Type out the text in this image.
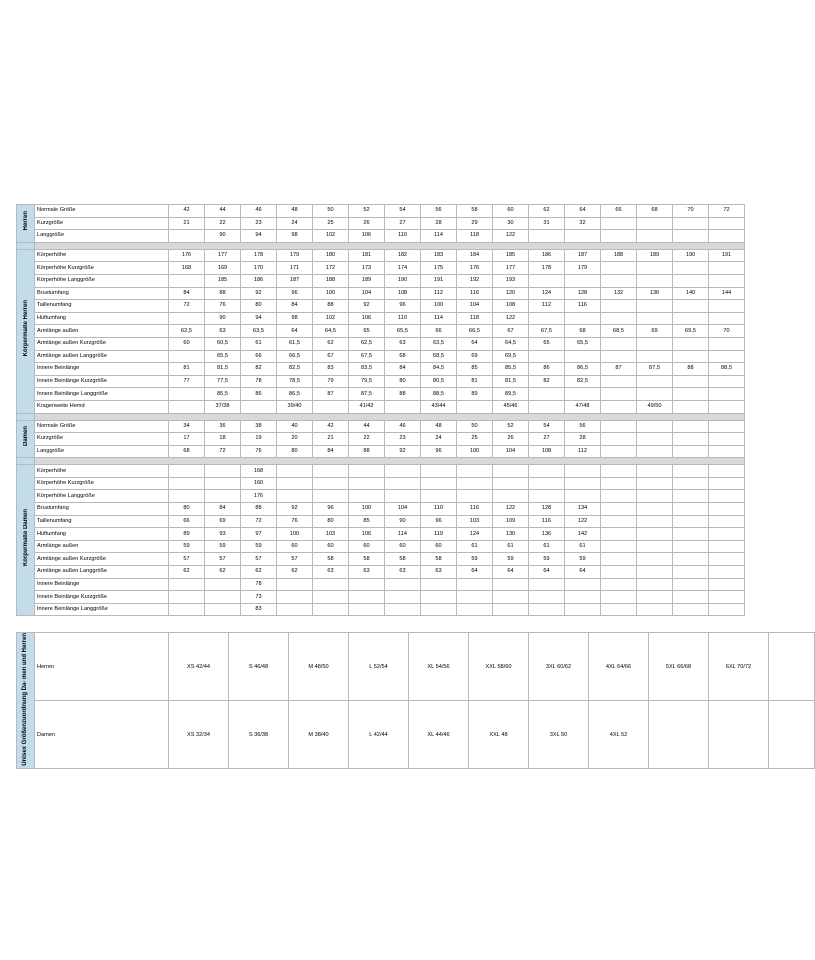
Herren	Normale Größe	42	44	46	48	50	52	54	56	58	60	62	64	66	68	70	72
	Kurzgröße	21	22	23	24	25	26	27	28	29	30	31	32				
	Langgröße		90	94	98	102	106	110	114	118	122						

Körpermaße Herren	Körperhöhe	176	177	178	179	180	181	182	183	184	185	186	187	188	189	190	191
	Körperhöhe Kurzgröße	168	169	170	171	172	173	174	175	176	177	178	179				
	Körperhöhe Langgröße		185	186	187	188	189	190	191	192	193						
	Brustumfang	84	88	92	96	100	104	108	112	116	120	124	128	132	136	140	144
	Taillenumfang	72	76	80	84	88	92	96	100	104	108	112	116				
	Hüftumfang		90	94	98	102	106	110	114	118	122						
	Armlänge außen	62,5	63	63,5	64	64,5	65	65,5	66	66,5	67	67,5	68	68,5	69	69,5	70
	Armlänge außen Kurzgröße	60	60,5	61	61,5	62	62,5	63	63,5	64	64,5	65	65,5				
	Armlänge außen Langgröße		65,5	66	66,5	67	67,5	68	68,5	69	69,5						
	Innere Beinlänge	81	81,5	82	82,5	83	83,5	84	84,5	85	85,5	86	86,5	87	87,5	88	88,5
	Innere Beinlänge Kurzgröße	77	77,5	78	78,5	79	79,5	80	80,5	81	81,5	82	82,5				
	Innere Beinlänge Langgröße		85,5	86	86,5	87	87,5	88	88,5	89	89,5						
	Kragenweite Hemd		37/38		39/40		41/42		43/44		45/46		47/48		49/50		

Damen	Normale Größe	34	36	38	40	42	44	46	48	50	52	54	56				
	Kurzgröße	17	18	19	20	21	22	23	24	25	26	27	28				
	Langgröße	68	72	76	80	84	88	92	96	100	104	108	112				

Körpermaße Damen	Körperhöhe			168													
	Körperhöhe Kurzgröße			160													
	Körperhöhe Langgröße			176													
	Brustumfang	80	84	88	92	96	100	104	110	116	122	128	134				
	Taillenumfang	66	69	72	76	80	85	90	96	103	109	116	122				
	Hüftumfang	89	93	97	100	103	106	114	119	124	130	136	142				
	Armlänge außen	59	59	59	60	60	60	60	60	61	61	61	61				
	Armlänge außen Kurzgröße	57	57	57	57	58	58	58	58	59	59	59	59				
	Armlänge außen Langgröße	62	62	62	62	63	63	63	63	64	64	64	64				
	Innere Beinlänge			78													
	Innere Beinlänge Kurzgröße			73													
	Innere Beinlänge Langgröße			83													
Unisex Größenzuordnung Da- men und Herren	Herren	XS 42/44	S 46/48	M 48/50	L 52/54	XL 54/56	XXL 58/60	3XL 60/62	4XL 64/66	5XL 66/68	6XL 70/72	
	Damen	XS 32/34	S 36/38	M 38/40	L 42/44	XL 44/46	XXL 48	3XL 50	4XL 52			
